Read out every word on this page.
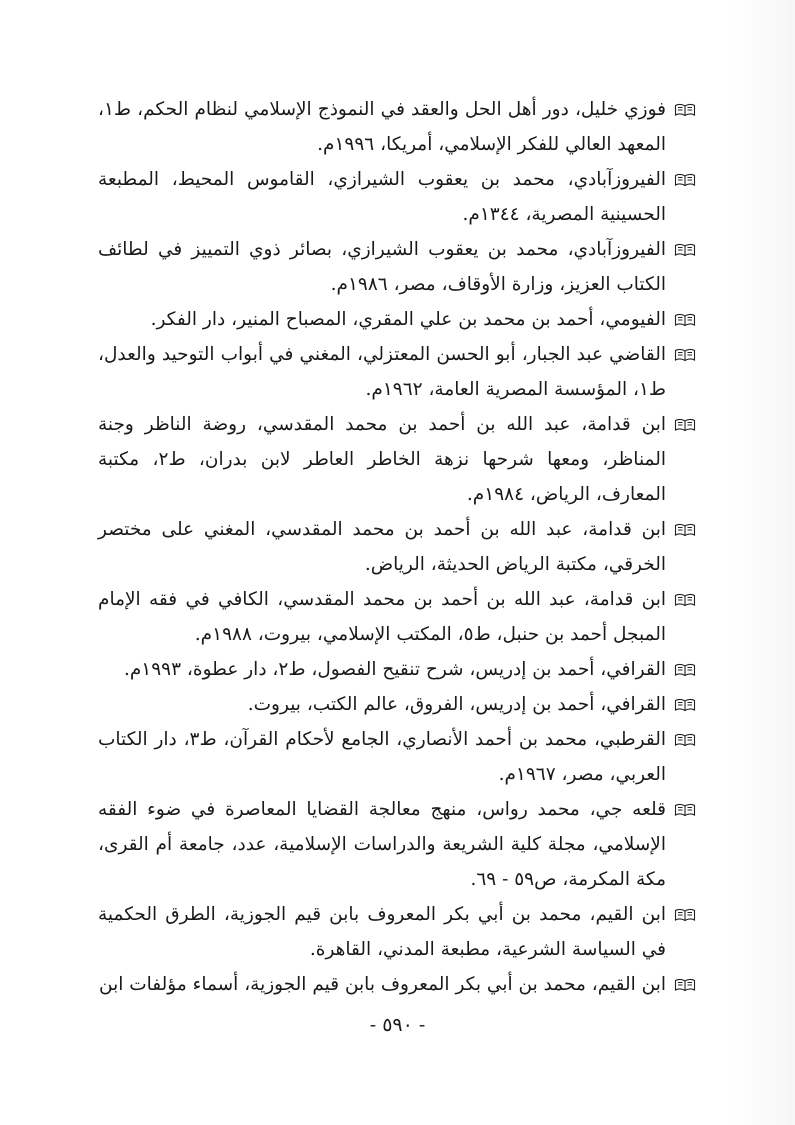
فوزي خليل، دور أهل الحل والعقد في النموذج الإسلامي لنظام الحكم، ط١، المعهد العالي للفكر الإسلامي، أمريكا، ١٩٩٦م.
الفيروزآبادي، محمد بن يعقوب الشيرازي، القاموس المحيط، المطبعة الحسينية المصرية، ١٣٤٤م.
الفيروزآبادي، محمد بن يعقوب الشيرازي، بصائر ذوي التمييز في لطائف الكتاب العزيز، وزارة الأوقاف، مصر، ١٩٨٦م.
الفيومي، أحمد بن محمد بن علي المقري، المصباح المنير، دار الفكر.
القاضي عبد الجبار، أبو الحسن المعتزلي، المغني في أبواب التوحيد والعدل، ط١، المؤسسة المصرية العامة، ١٩٦٢م.
ابن قدامة، عبد الله بن أحمد بن محمد المقدسي، روضة الناظر وجنة المناظر، ومعها شرحها نزهة الخاطر العاطر لابن بدران، ط٢، مكتبة المعارف، الرياض، ١٩٨٤م.
ابن قدامة، عبد الله بن أحمد بن محمد المقدسي، المغني على مختصر الخرقي، مكتبة الرياض الحديثة، الرياض.
ابن قدامة، عبد الله بن أحمد بن محمد المقدسي، الكافي في فقه الإمام المبجل أحمد بن حنبل، ط٥، المكتب الإسلامي، بيروت، ١٩٨٨م.
القرافي، أحمد بن إدريس، شرح تنقيح الفصول، ط٢، دار عطوة، ١٩٩٣م.
القرافي، أحمد بن إدريس، الفروق، عالم الكتب، بيروت.
القرطبي، محمد بن أحمد الأنصاري، الجامع لأحكام القرآن، ط٣، دار الكتاب العربي، مصر، ١٩٦٧م.
قلعه جي، محمد رواس، منهج معالجة القضايا المعاصرة في ضوء الفقه الإسلامي، مجلة كلية الشريعة والدراسات الإسلامية، عدد، جامعة أم القرى، مكة المكرمة، ص٥٩ - ٦٩.
ابن القيم، محمد بن أبي بكر المعروف بابن قيم الجوزية، الطرق الحكمية في السياسة الشرعية، مطبعة المدني، القاهرة.
ابن القيم، محمد بن أبي بكر المعروف بابن قيم الجوزية، أسماء مؤلفات ابن
- ٥٩٠ -
